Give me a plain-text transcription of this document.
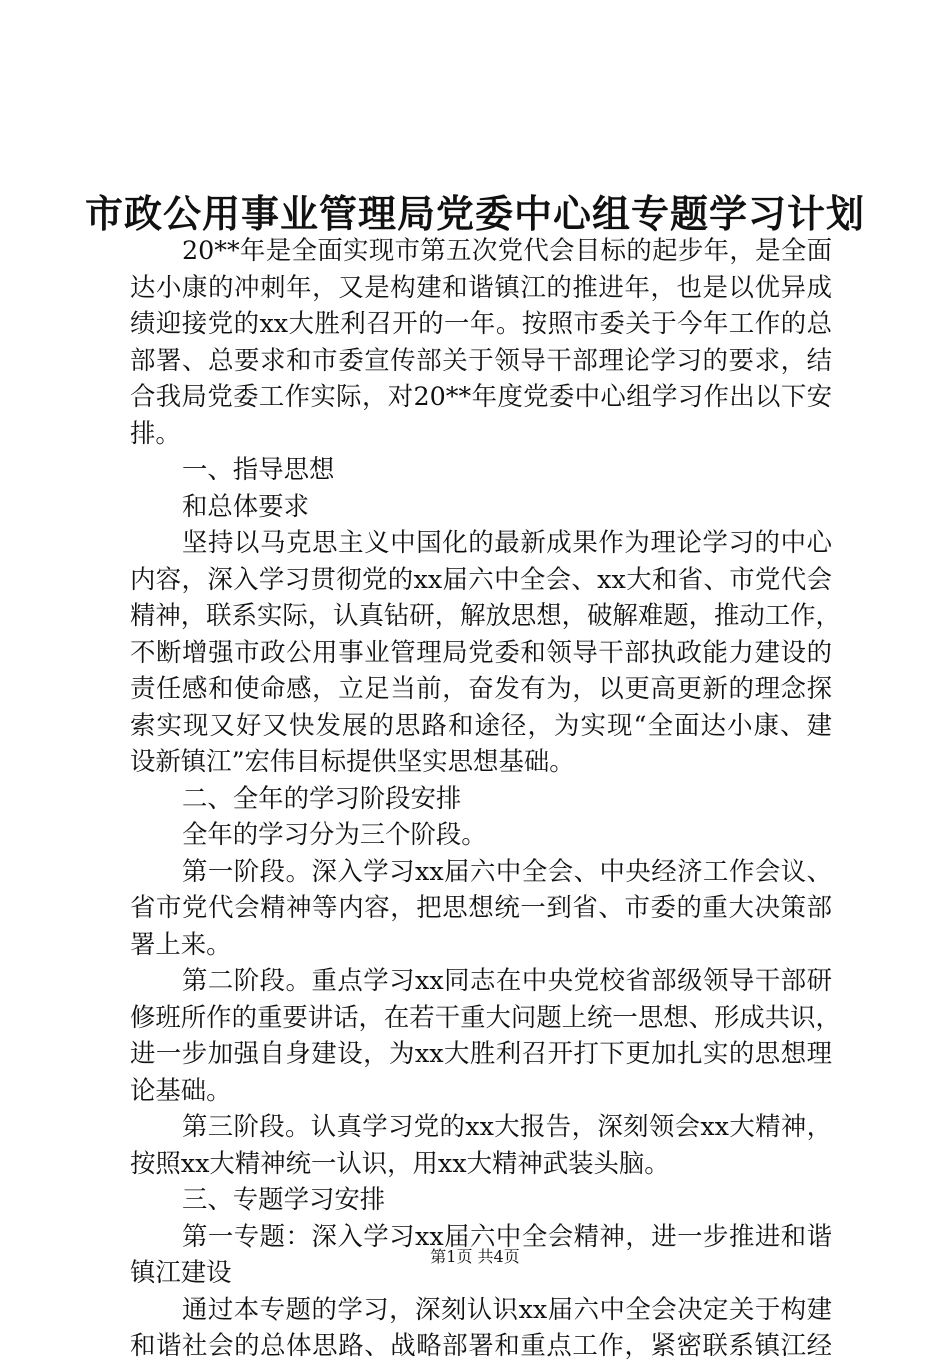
市政公用事业管理局党委中心组专题学习计划
20**年是全面实现市第五次党代会目标的起步年，是全面
达小康的冲刺年，又是构建和谐镇江的推进年，也是以优异成
绩迎接党的xx大胜利召开的一年。按照市委关于今年工作的总
部署、总要求和市委宣传部关于领导干部理论学习的要求，结
合我局党委工作实际，对20**年度党委中心组学习作出以下安
排。
一、指导思想
和总体要求
坚持以马克思主义中国化的最新成果作为理论学习的中心
内容，深入学习贯彻党的xx届六中全会、xx大和省、市党代会
精神，联系实际，认真钻研，解放思想，破解难题，推动工作，
不断增强市政公用事业管理局党委和领导干部执政能力建设的
责任感和使命感，立足当前，奋发有为，以更高更新的理念探
索实现又好又快发展的思路和途径，为实现“全面达小康、建
设新镇江”宏伟目标提供坚实思想基础。
二、全年的学习阶段安排
全年的学习分为三个阶段。
第一阶段。深入学习xx届六中全会、中央经济工作会议、
省市党代会精神等内容，把思想统一到省、市委的重大决策部
署上来。
第二阶段。重点学习xx同志在中央党校省部级领导干部研
修班所作的重要讲话，在若干重大问题上统一思想、形成共识，
进一步加强自身建设，为xx大胜利召开打下更加扎实的思想理
论基础。
第三阶段。认真学习党的xx大报告，深刻领会xx大精神，
按照xx大精神统一认识，用xx大精神武装头脑。
三、专题学习安排
第一专题：深入学习xx届六中全会精神，进一步推进和谐
镇江建设
通过本专题的学习，深刻认识xx届六中全会决定关于构建
和谐社会的总体思路、战略部署和重点工作，紧密联系镇江经
第1页 共4页
